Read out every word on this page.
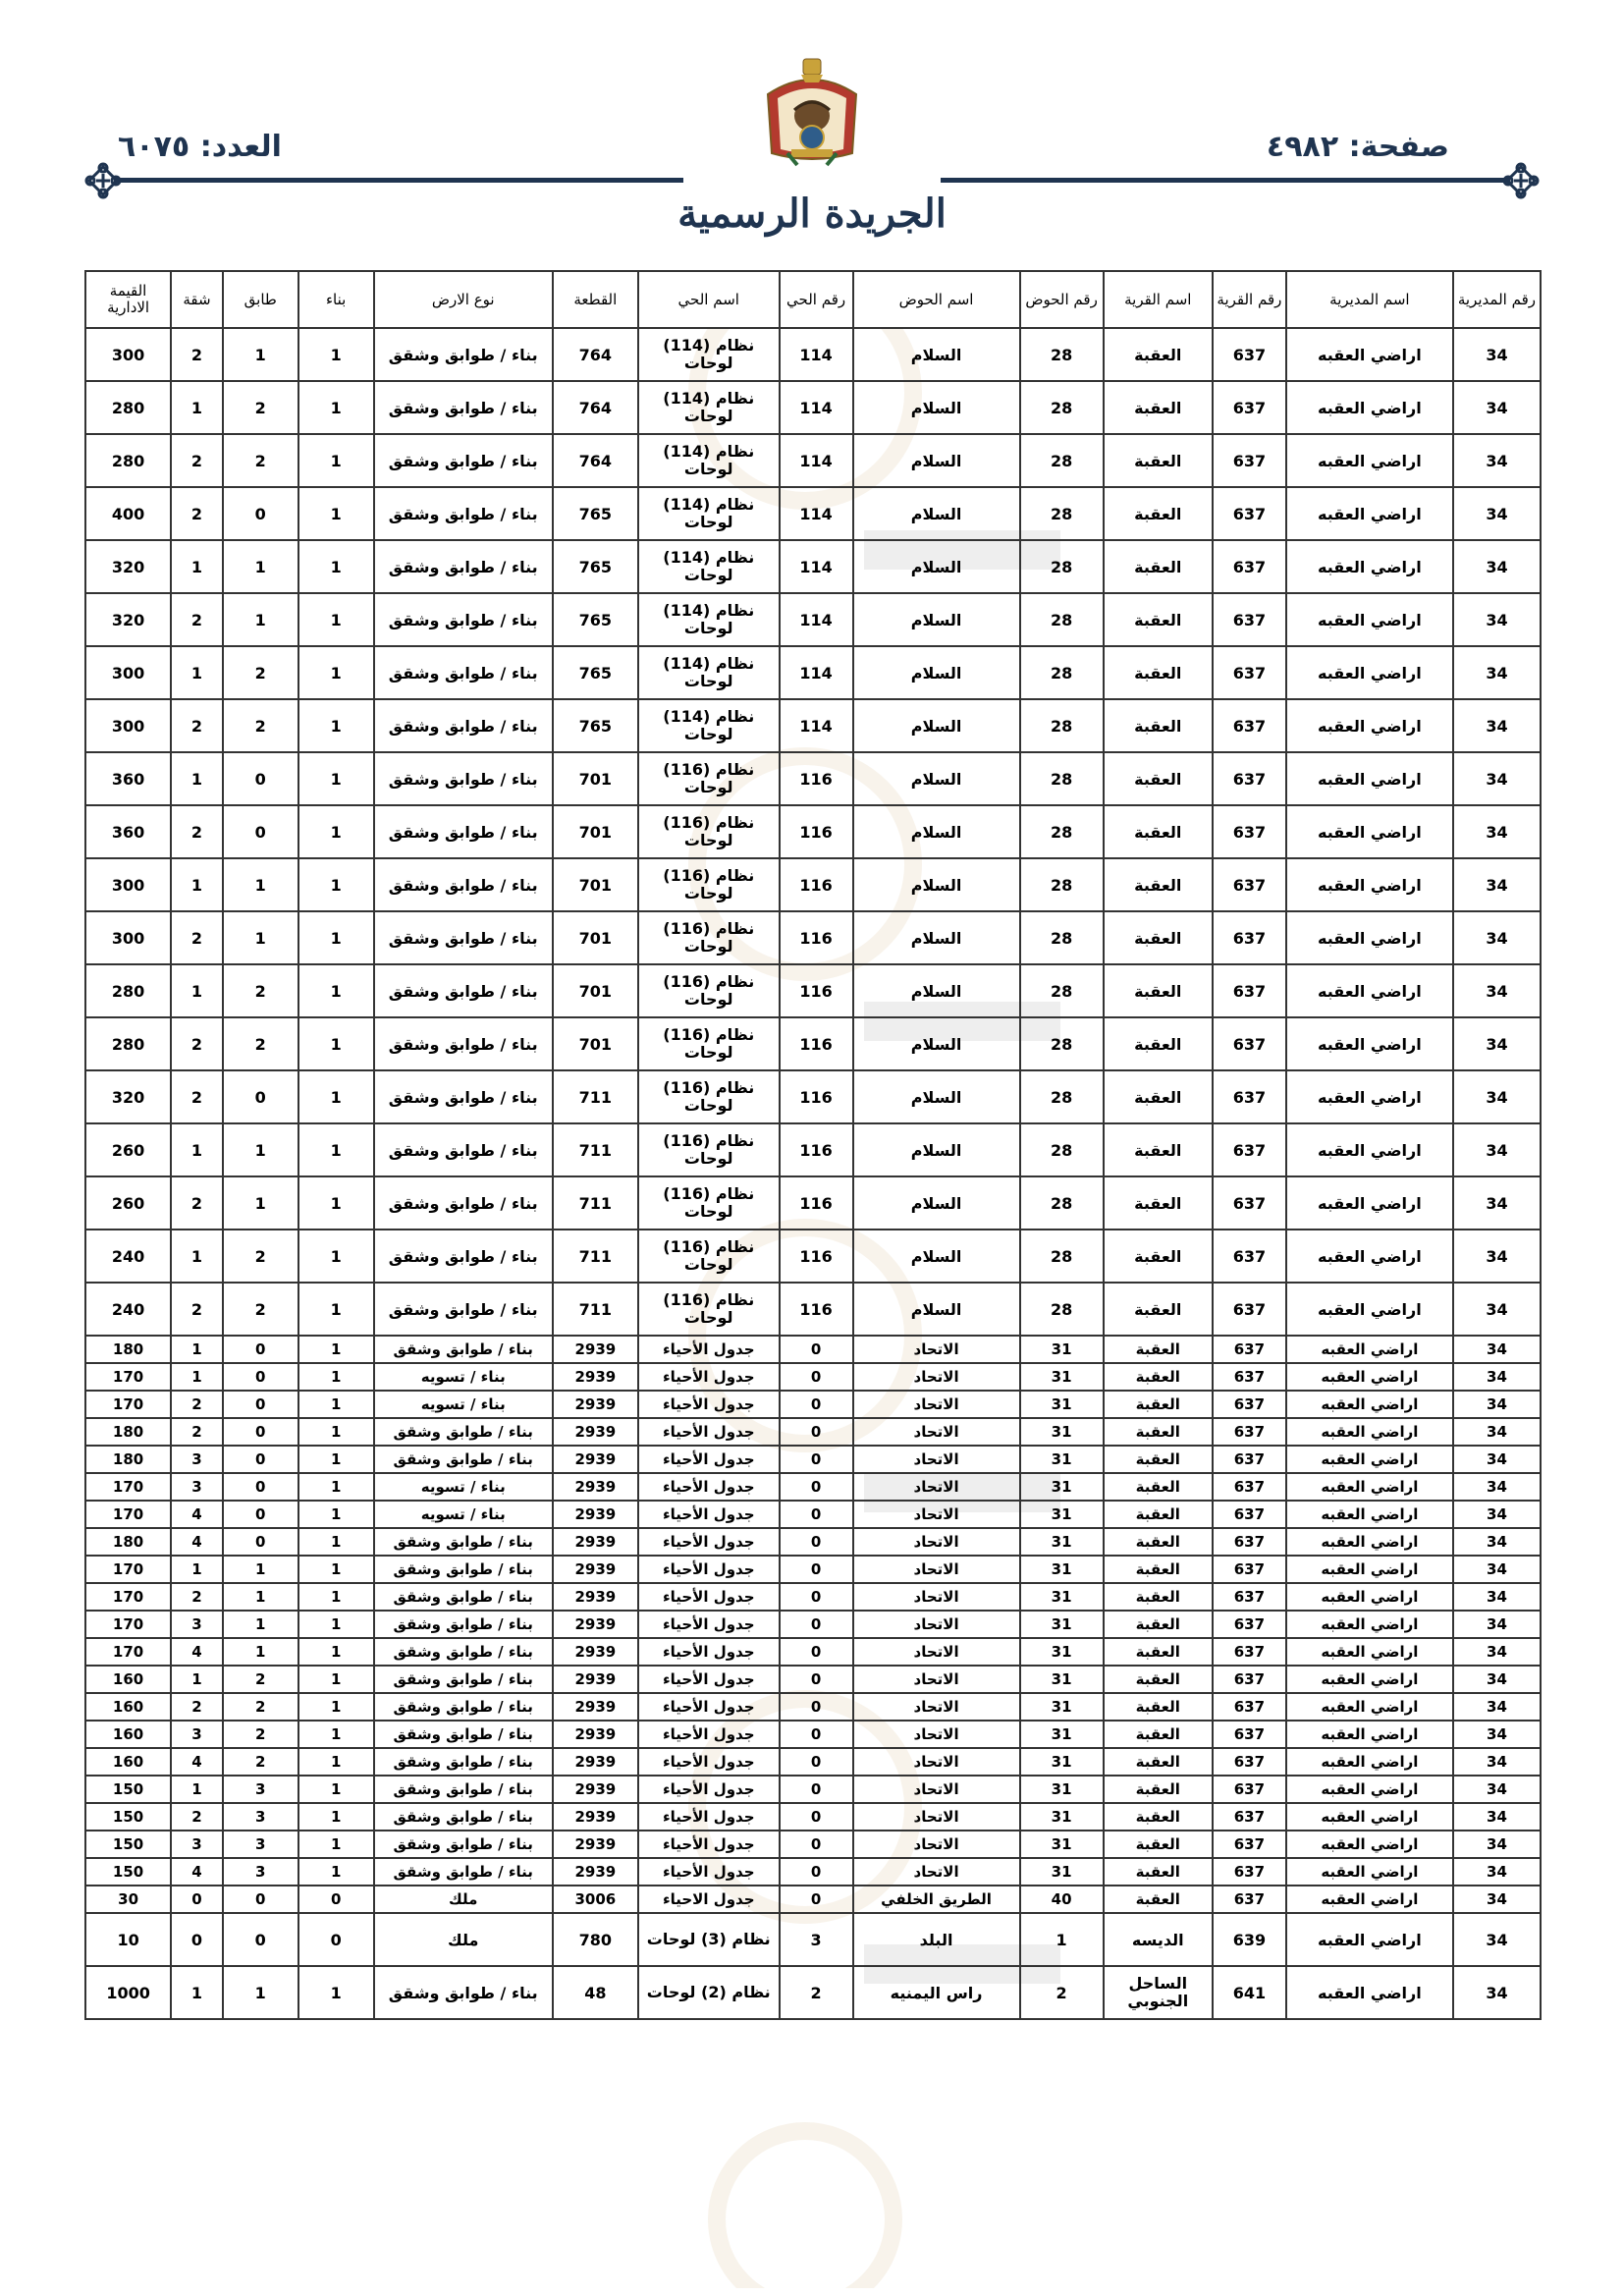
صفحة: ٤٩٨٢
العدد: ٦٠٧٥
الجريدة الرسمية
رقم المديرية	اسم المديرية	رقم القرية	اسم القرية	رقم الحوض	اسم الحوض	رقم الحي	اسم الحي	القطعة	نوع الارض	بناء	طابق	شقة	القيمة الادارية
34	اراضي العقبه	637	العقبة	28	السلام	114	نظام (114) لوحات	764	بناء / طوابق وشقق	1	1	2	300
34	اراضي العقبه	637	العقبة	28	السلام	114	نظام (114) لوحات	764	بناء / طوابق وشقق	1	2	1	280
34	اراضي العقبه	637	العقبة	28	السلام	114	نظام (114) لوحات	764	بناء / طوابق وشقق	1	2	2	280
34	اراضي العقبه	637	العقبة	28	السلام	114	نظام (114) لوحات	765	بناء / طوابق وشقق	1	0	2	400
34	اراضي العقبه	637	العقبة	28	السلام	114	نظام (114) لوحات	765	بناء / طوابق وشقق	1	1	1	320
34	اراضي العقبه	637	العقبة	28	السلام	114	نظام (114) لوحات	765	بناء / طوابق وشقق	1	1	2	320
34	اراضي العقبه	637	العقبة	28	السلام	114	نظام (114) لوحات	765	بناء / طوابق وشقق	1	2	1	300
34	اراضي العقبه	637	العقبة	28	السلام	114	نظام (114) لوحات	765	بناء / طوابق وشقق	1	2	2	300
34	اراضي العقبه	637	العقبة	28	السلام	116	نظام (116) لوحات	701	بناء / طوابق وشقق	1	0	1	360
34	اراضي العقبه	637	العقبة	28	السلام	116	نظام (116) لوحات	701	بناء / طوابق وشقق	1	0	2	360
34	اراضي العقبه	637	العقبة	28	السلام	116	نظام (116) لوحات	701	بناء / طوابق وشقق	1	1	1	300
34	اراضي العقبه	637	العقبة	28	السلام	116	نظام (116) لوحات	701	بناء / طوابق وشقق	1	1	2	300
34	اراضي العقبه	637	العقبة	28	السلام	116	نظام (116) لوحات	701	بناء / طوابق وشقق	1	2	1	280
34	اراضي العقبه	637	العقبة	28	السلام	116	نظام (116) لوحات	701	بناء / طوابق وشقق	1	2	2	280
34	اراضي العقبه	637	العقبة	28	السلام	116	نظام (116) لوحات	711	بناء / طوابق وشقق	1	0	2	320
34	اراضي العقبه	637	العقبة	28	السلام	116	نظام (116) لوحات	711	بناء / طوابق وشقق	1	1	1	260
34	اراضي العقبه	637	العقبة	28	السلام	116	نظام (116) لوحات	711	بناء / طوابق وشقق	1	1	2	260
34	اراضي العقبه	637	العقبة	28	السلام	116	نظام (116) لوحات	711	بناء / طوابق وشقق	1	2	1	240
34	اراضي العقبه	637	العقبة	28	السلام	116	نظام (116) لوحات	711	بناء / طوابق وشقق	1	2	2	240
34	اراضي العقبه	637	العقبة	31	الاتحاد	0	جدول الأحياء	2939	بناء / طوابق وشقق	1	0	1	180
34	اراضي العقبه	637	العقبة	31	الاتحاد	0	جدول الأحياء	2939	بناء / تسويه	1	0	1	170
34	اراضي العقبه	637	العقبة	31	الاتحاد	0	جدول الأحياء	2939	بناء / تسويه	1	0	2	170
34	اراضي العقبه	637	العقبة	31	الاتحاد	0	جدول الأحياء	2939	بناء / طوابق وشقق	1	0	2	180
34	اراضي العقبه	637	العقبة	31	الاتحاد	0	جدول الأحياء	2939	بناء / طوابق وشقق	1	0	3	180
34	اراضي العقبه	637	العقبة	31	الاتحاد	0	جدول الأحياء	2939	بناء / تسويه	1	0	3	170
34	اراضي العقبه	637	العقبة	31	الاتحاد	0	جدول الأحياء	2939	بناء / تسويه	1	0	4	170
34	اراضي العقبه	637	العقبة	31	الاتحاد	0	جدول الأحياء	2939	بناء / طوابق وشقق	1	0	4	180
34	اراضي العقبه	637	العقبة	31	الاتحاد	0	جدول الأحياء	2939	بناء / طوابق وشقق	1	1	1	170
34	اراضي العقبه	637	العقبة	31	الاتحاد	0	جدول الأحياء	2939	بناء / طوابق وشقق	1	1	2	170
34	اراضي العقبه	637	العقبة	31	الاتحاد	0	جدول الأحياء	2939	بناء / طوابق وشقق	1	1	3	170
34	اراضي العقبه	637	العقبة	31	الاتحاد	0	جدول الأحياء	2939	بناء / طوابق وشقق	1	1	4	170
34	اراضي العقبه	637	العقبة	31	الاتحاد	0	جدول الأحياء	2939	بناء / طوابق وشقق	1	2	1	160
34	اراضي العقبه	637	العقبة	31	الاتحاد	0	جدول الأحياء	2939	بناء / طوابق وشقق	1	2	2	160
34	اراضي العقبه	637	العقبة	31	الاتحاد	0	جدول الأحياء	2939	بناء / طوابق وشقق	1	2	3	160
34	اراضي العقبه	637	العقبة	31	الاتحاد	0	جدول الأحياء	2939	بناء / طوابق وشقق	1	2	4	160
34	اراضي العقبه	637	العقبة	31	الاتحاد	0	جدول الأحياء	2939	بناء / طوابق وشقق	1	3	1	150
34	اراضي العقبه	637	العقبة	31	الاتحاد	0	جدول الأحياء	2939	بناء / طوابق وشقق	1	3	2	150
34	اراضي العقبه	637	العقبة	31	الاتحاد	0	جدول الأحياء	2939	بناء / طوابق وشقق	1	3	3	150
34	اراضي العقبه	637	العقبة	31	الاتحاد	0	جدول الأحياء	2939	بناء / طوابق وشقق	1	3	4	150
34	اراضي العقبه	637	العقبة	40	الطريق الخلفي	0	جدول الاحياء	3006	ملك	0	0	0	30
34	اراضي العقبه	639	الديسه	1	البلد	3	نظام (3) لوحات	780	ملك	0	0	0	10
34	اراضي العقبه	641	الساحل الجنوبي	2	راس اليمنيه	2	نظام (2) لوحات	48	بناء / طوابق وشقق	1	1	1	1000
